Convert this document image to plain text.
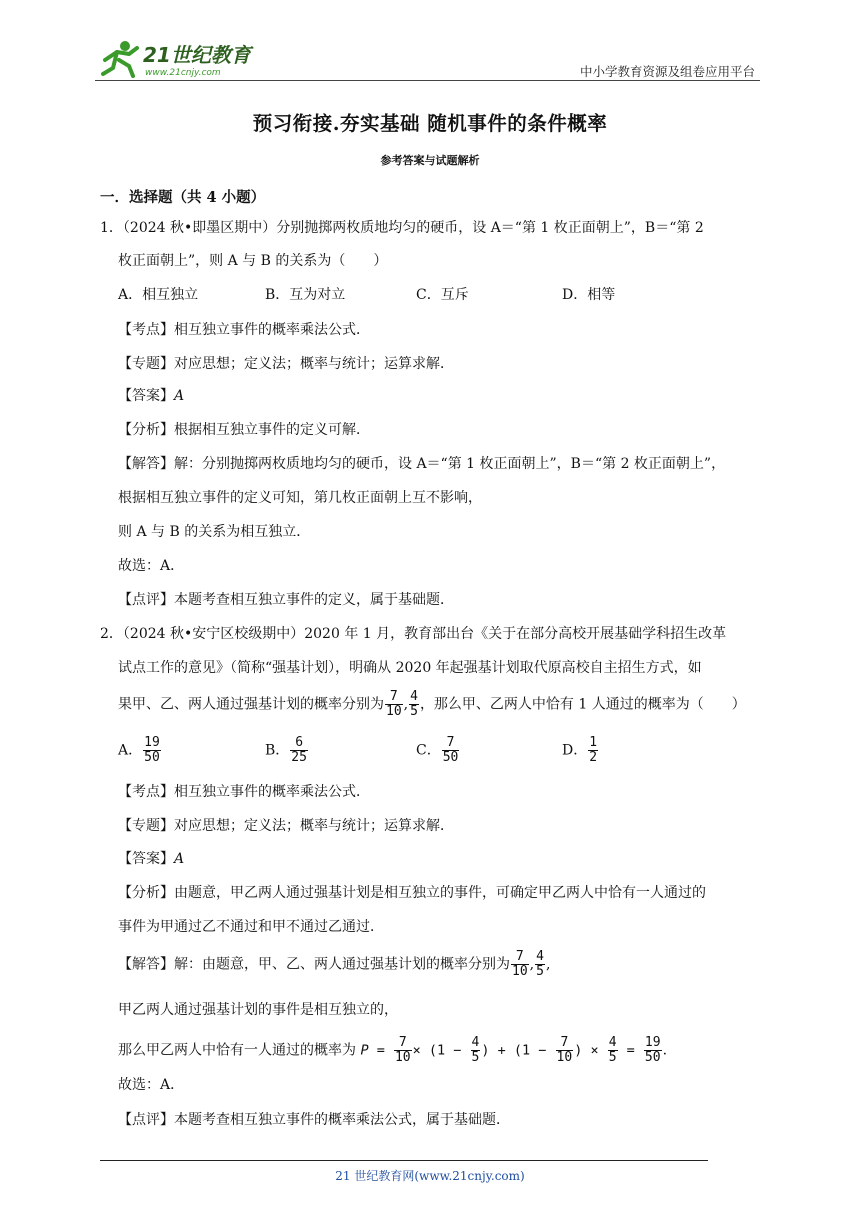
21世纪教育
www.21cnjy.com	中小学教育资源及组卷应用平台
预习衔接.夯实基础 随机事件的条件概率
参考答案与试题解析
一．选择题（共 4 小题）
1．（2024 秋•即墨区期中）分别抛掷两枚质地均匀的硬币，设 A＝“第 1 枚正面朝上”，B＝“第 2
枚正面朝上”，则 A 与 B 的关系为（　　）
A．相互独立	B．互为对立	C．互斥	D．相等
【考点】相互独立事件的概率乘法公式．
【专题】对应思想；定义法；概率与统计；运算求解．
【答案】A
【分析】根据相互独立事件的定义可解．
【解答】解：分别抛掷两枚质地均匀的硬币，设 A＝“第 1 枚正面朝上”，B＝“第 2 枚正面朝上”，
根据相互独立事件的定义可知，第几枚正面朝上互不影响，
则 A 与 B 的关系为相互独立．
故选：A．
【点评】本题考查相互独立事件的定义，属于基础题．
2．（2024 秋•安宁区校级期中）2020 年 1 月，教育部出台《关于在部分高校开展基础学科招生改革
试点工作的意见》（简称“强基计划），明确从 2020 年起强基计划取代原高校自主招生方式，如
果甲、乙、两人通过强基计划的概率分别为 $\frac{7}{10}$ , $\frac{4}{5}$ ，那么甲、乙两人中恰有 1 人通过的概率为（　　）
A． $\frac{19}{50}$	B． $\frac{6}{25}$	C． $\frac{7}{50}$	D． $\frac{1}{2}$
【考点】相互独立事件的概率乘法公式．
【专题】对应思想；定义法；概率与统计；运算求解．
【答案】A
【分析】由题意，甲乙两人通过强基计划是相互独立的事件，可确定甲乙两人中恰有一人通过的
事件为甲通过乙不通过和甲不通过乙通过．
【解答】解：由题意，甲、乙、两人通过强基计划的概率分别为 $\frac{7}{10}$ , $\frac{4}{5}$ ,
甲乙两人通过强基计划的事件是相互独立的，
那么甲乙两人中恰有一人通过的概率为 $P = \frac{7}{10} \times (1 - \frac{4}{5}$ ) + ($1 - \frac{7}{10}$ ) × $\frac{4}{5} = \frac{19}{50}$ .
故选：A．
【点评】本题考查相互独立事件的概率乘法公式，属于基础题．
21 世纪教育网(www.21cnjy.com)
